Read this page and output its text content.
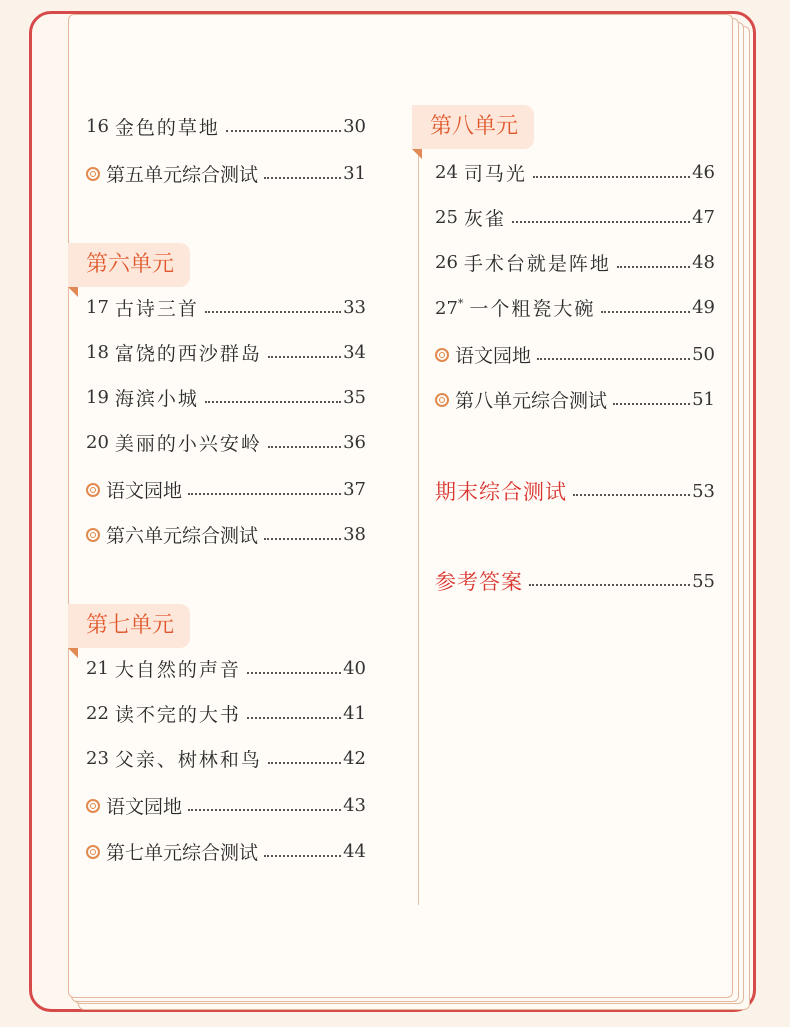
16 金色的草地	30
第五单元综合测试	31
第六单元
17 古诗三首	33
18 富饶的西沙群岛	34
19 海滨小城	35
20 美丽的小兴安岭	36
语文园地	37
第六单元综合测试	38
第七单元
21 大自然的声音	40
22 读不完的大书	41
23 父亲、树林和鸟	42
语文园地	43
第七单元综合测试	44
第八单元
24 司马光	46
25 灰雀	47
26 手术台就是阵地	48
27* 一个粗瓷大碗	49
语文园地	50
第八单元综合测试	51
期末综合测试	53
参考答案	55
